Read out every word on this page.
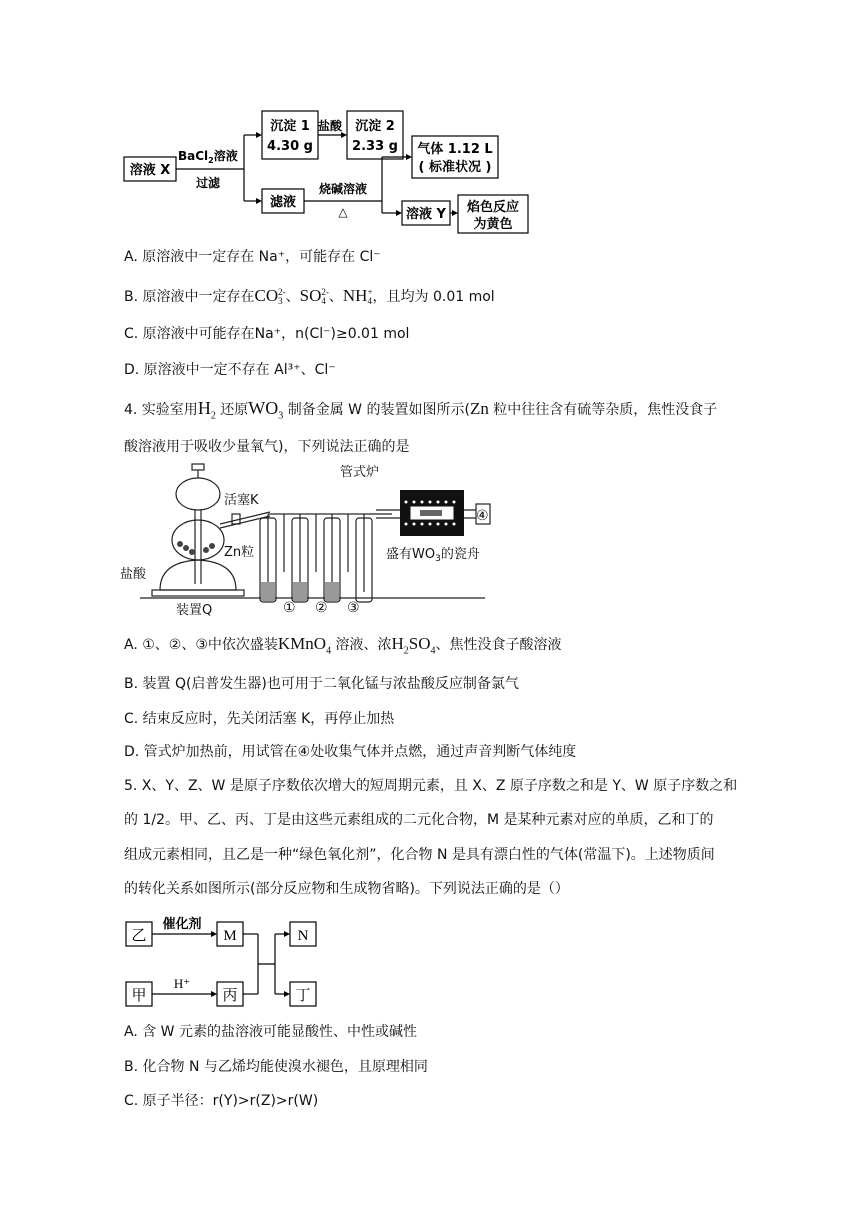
溶液 X
BaCl$_2$溶液
过滤
沉淀 1
4.30 g
盐酸 沉淀 2
2.33 g 气体 1.12 L
( 标准状况 )
滤液
烧碱溶液
△	溶液 Y 焰色反应
为黄色
A. 原溶液中一定存在 Na⁺，可能存在 Cl⁻
B. 原溶液中一定存在CO 2-
3 、SO 2-
4 、NH +
4 ，且均为 0.01 mol
C. 原溶液中可能存在Na⁺，n(Cl⁻)≥0.01 mol
D. 原溶液中一定不存在 Al³⁺、Cl⁻
4. 实验室用$H_2$ 还原$WO_3$ 制备金属 W 的装置如图所示(Zn 粒中往往含有硫等杂质，焦性没食子
酸溶液用于吸收少量氧气)，下列说法正确的是
管式炉
活塞K
Zn粒
盐酸
装置Q
盛有$WO_3$的瓷舟
① ② ③
④
A. ①、②、③中依次盛装KMnO$_4$ 溶液、浓$H_2SO_4$、焦性没食子酸溶液
B. 装置 Q(启普发生器)也可用于二氧化锰与浓盐酸反应制备氯气
C. 结束反应时，先关闭活塞 K，再停止加热
D. 管式炉加热前，用试管在④处收集气体并点燃，通过声音判断气体纯度
5. X、Y、Z、W 是原子序数依次增大的短周期元素，且 X、Z 原子序数之和是 Y、W 原子序数之和
的 1/2。甲、乙、丙、丁是由这些元素组成的二元化合物，M 是某种元素对应的单质，乙和丁的
组成元素相同，且乙是一种“绿色氧化剂”，化合物 N 是具有漂白性的气体(常温下)。上述物质间
的转化关系如图所示(部分反应物和生成物省略)。下列说法正确的是（）
乙
催化剂
M	N
甲
H⁺
丙	丁
A. 含 W 元素的盐溶液可能显酸性、中性或碱性
B. 化合物 N 与乙烯均能使溴水褪色，且原理相同
C. 原子半径：r(Y)>r(Z)>r(W)
